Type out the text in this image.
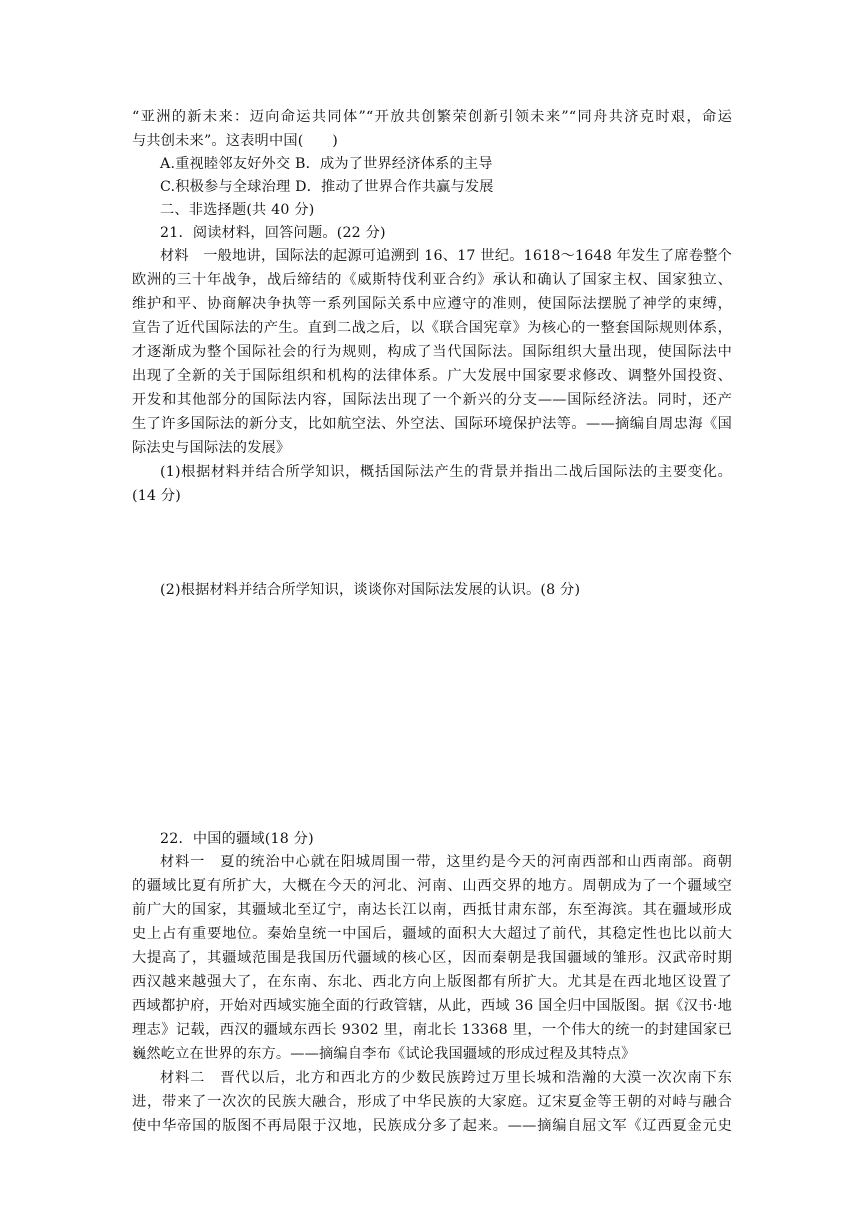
“亚洲的新未来：迈向命运共同体”“开放共创繁荣创新引领未来”“同舟共济克时艰，命运
与共创未来”。这表明中国(　　)
A.重视睦邻友好外交 B．成为了世界经济体系的主导
C.积极参与全球治理 D．推动了世界合作共赢与发展
二、非选择题(共 40 分)
21．阅读材料，回答问题。(22 分)
材料　一般地讲，国际法的起源可追溯到 16、17 世纪。1618～1648 年发生了席卷整个
欧洲的三十年战争，战后缔结的《威斯特伐利亚合约》承认和确认了国家主权、国家独立、
维护和平、协商解决争执等一系列国际关系中应遵守的准则，使国际法摆脱了神学的束缚，
宣告了近代国际法的产生。直到二战之后，以《联合国宪章》为核心的一整套国际规则体系，
才逐渐成为整个国际社会的行为规则，构成了当代国际法。国际组织大量出现，使国际法中
出现了全新的关于国际组织和机构的法律体系。广大发展中国家要求修改、调整外国投资、
开发和其他部分的国际法内容，国际法出现了一个新兴的分支——国际经济法。同时，还产
生了许多国际法的新分支，比如航空法、外空法、国际环境保护法等。——摘编自周忠海《国
际法史与国际法的发展》
(1)根据材料并结合所学知识，概括国际法产生的背景并指出二战后国际法的主要变化。
(14 分)
(2)根据材料并结合所学知识，谈谈你对国际法发展的认识。(8 分)
22．中国的疆域(18 分)
材料一　夏的统治中心就在阳城周围一带，这里约是今天的河南西部和山西南部。商朝
的疆域比夏有所扩大，大概在今天的河北、河南、山西交界的地方。周朝成为了一个疆域空
前广大的国家，其疆域北至辽宁，南达长江以南，西抵甘肃东部，东至海滨。其在疆域形成
史上占有重要地位。秦始皇统一中国后，疆域的面积大大超过了前代，其稳定性也比以前大
大提高了，其疆域范围是我国历代疆域的核心区，因而秦朝是我国疆域的雏形。汉武帝时期
西汉越来越强大了，在东南、东北、西北方向上版图都有所扩大。尤其是在西北地区设置了
西域都护府，开始对西域实施全面的行政管辖，从此，西域 36 国全归中国版图。据《汉书·地
理志》记载，西汉的疆域东西长 9302 里，南北长 13368 里，一个伟大的统一的封建国家已
巍然屹立在世界的东方。——摘编自李布《试论我国疆域的形成过程及其特点》
材料二　晋代以后，北方和西北方的少数民族跨过万里长城和浩瀚的大漠一次次南下东
进，带来了一次次的民族大融合，形成了中华民族的大家庭。辽宋夏金等王朝的对峙与融合
使中华帝国的版图不再局限于汉地，民族成分多了起来。——摘编自屈文军《辽西夏金元史
